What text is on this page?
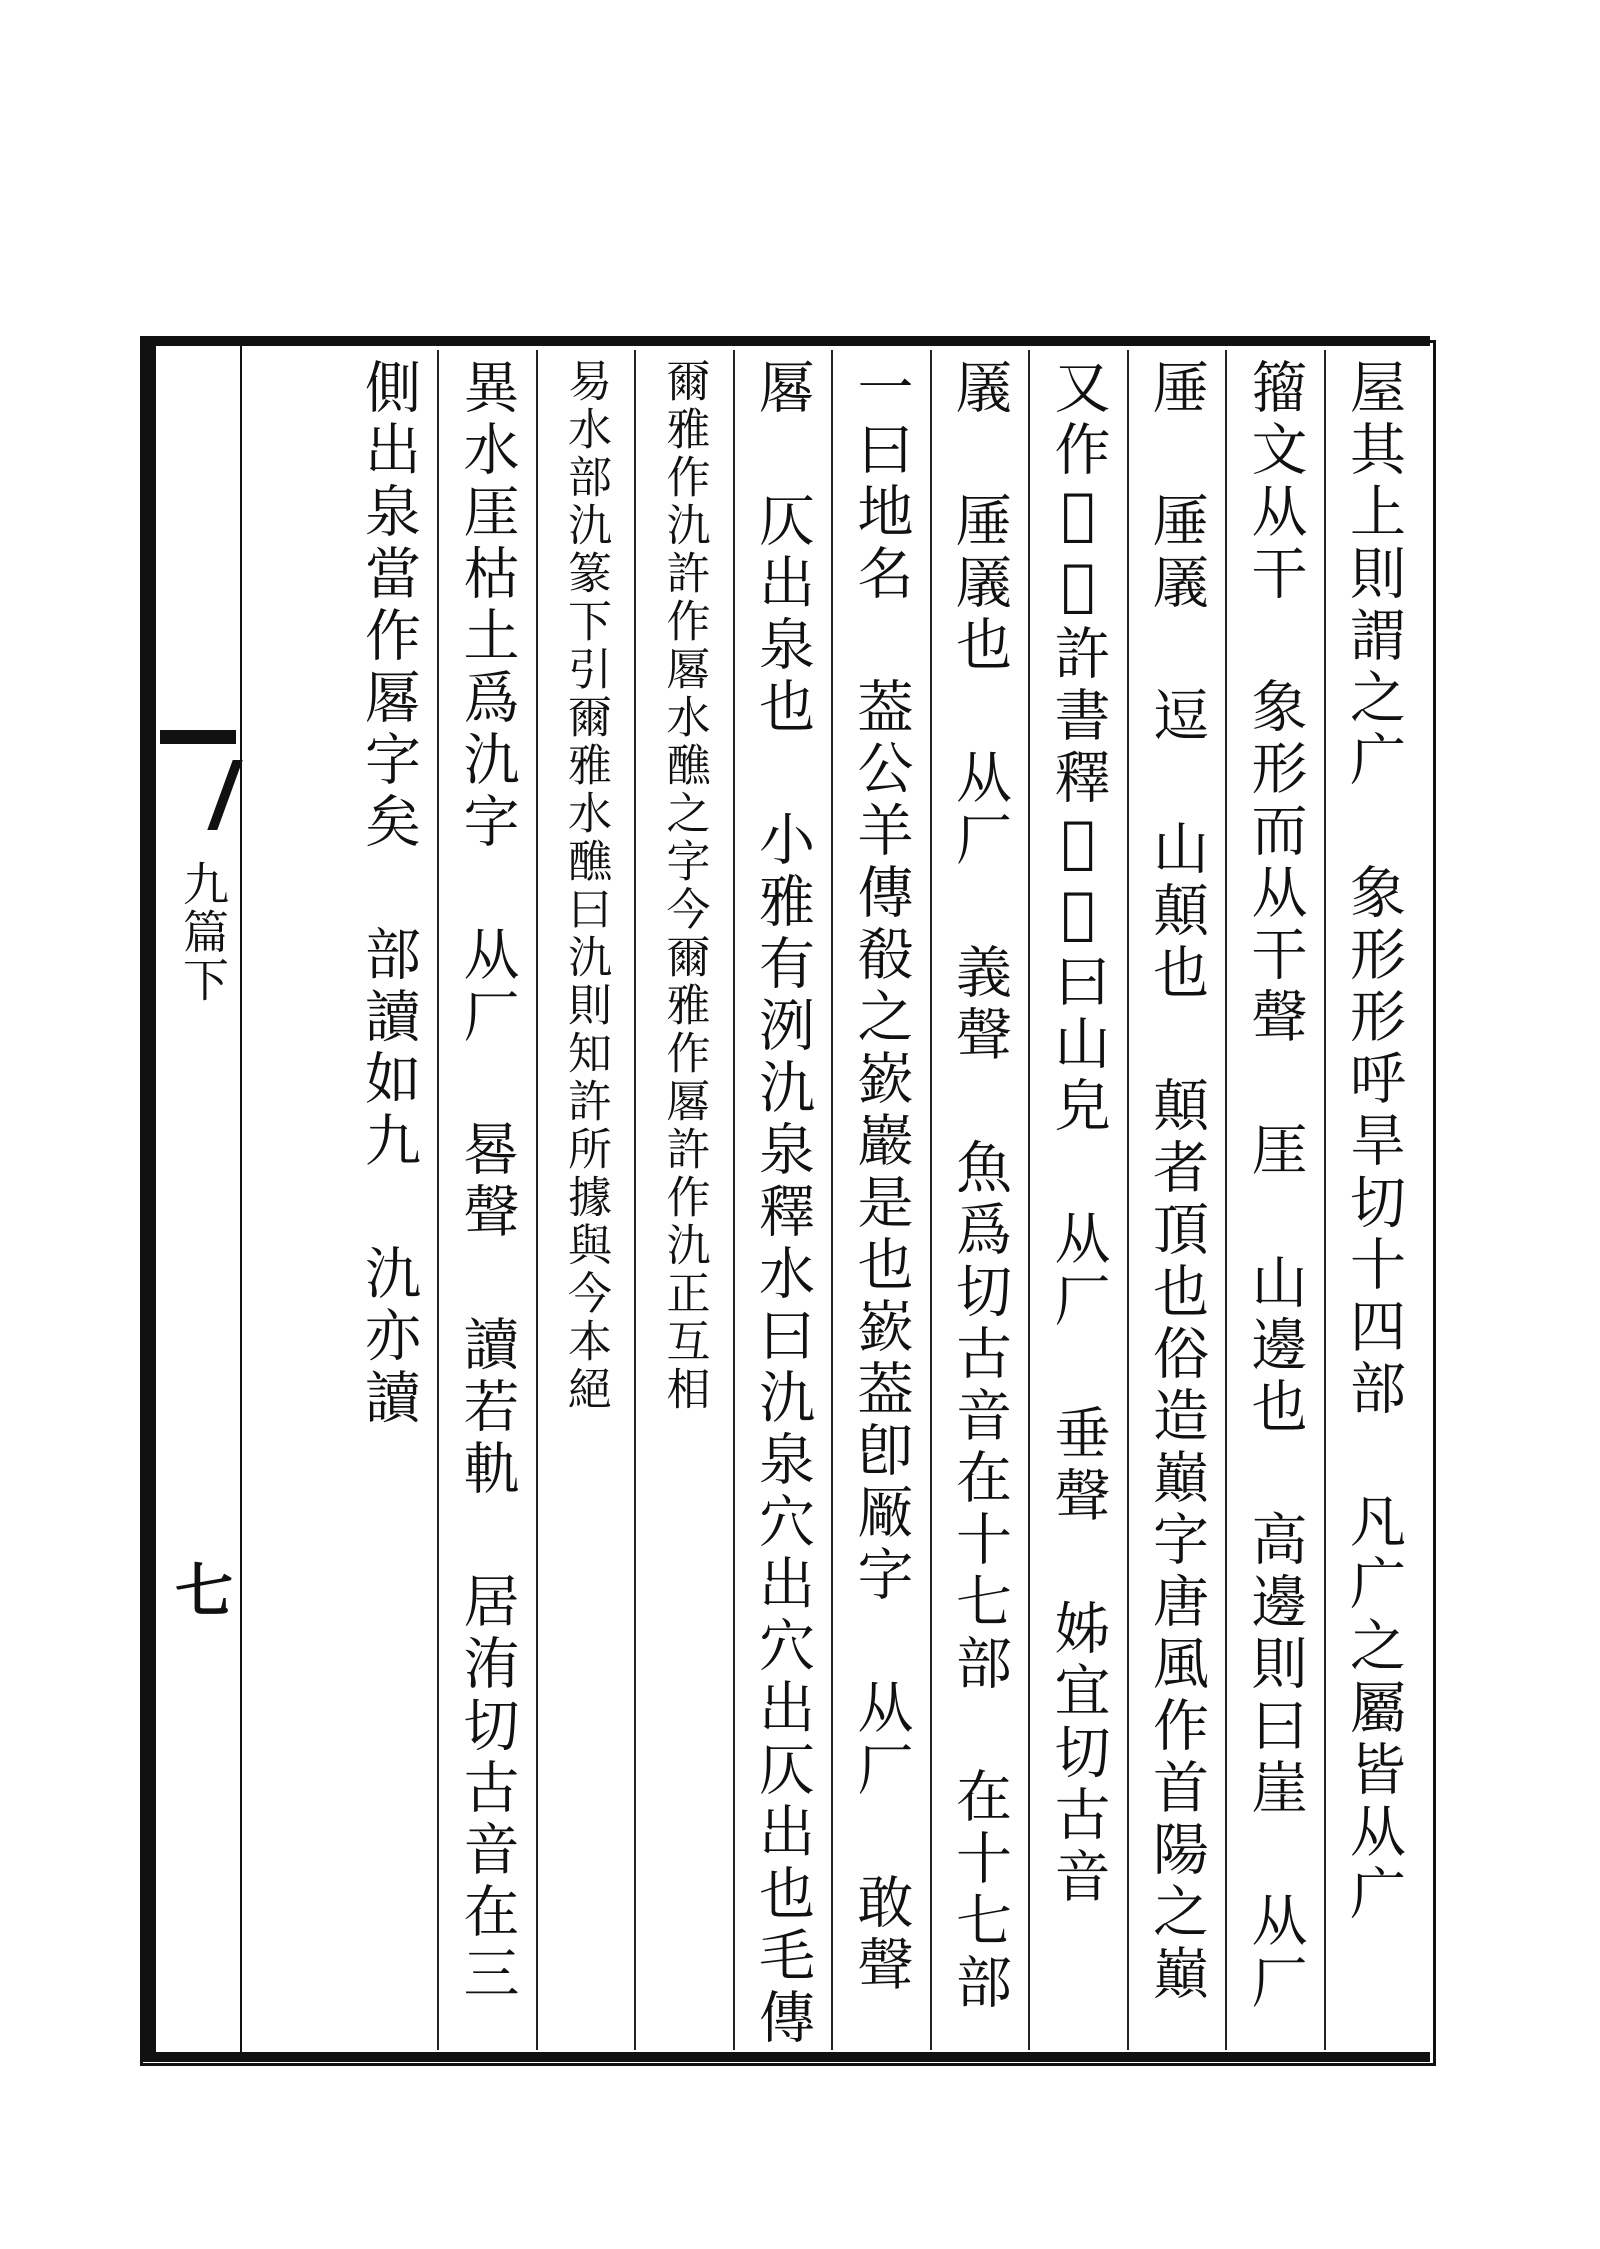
九篇下
七
屋其上則謂之广 象形形呼旱切十四部 凡广之屬皆从广
籀文从干 象形而从干聲 厓 山邊也 高邊則曰崖 从厂
厜 厜㕒 逗 山顛也 顛者頂也俗造巔字唐風作首陽之巔
又作𡽳𡿾許書釋𡽳𡿾曰山皃 从厂 垂聲 姊宜切古音
㕒 厜㕒也 从厂 義聲 魚爲切古音在十七部 在十七部
一曰地名 葢公羊傳殽之嶔巖是也嶔葢卽厰字 从厂 敢聲
厬 仄出泉也 小雅有洌氿泉釋水曰氿泉穴出穴出仄出也毛傳
爾雅作氿許作厬水醮之字今爾雅作厬許作氿正互相
易水部氿篆下引爾雅水醮曰氿則知許所據與今本絕
異水厓枯土爲氿字 从厂 晷聲 讀若軌 居洧切古音在三
側出泉當作厬字矣 部讀如九 氿亦讀
